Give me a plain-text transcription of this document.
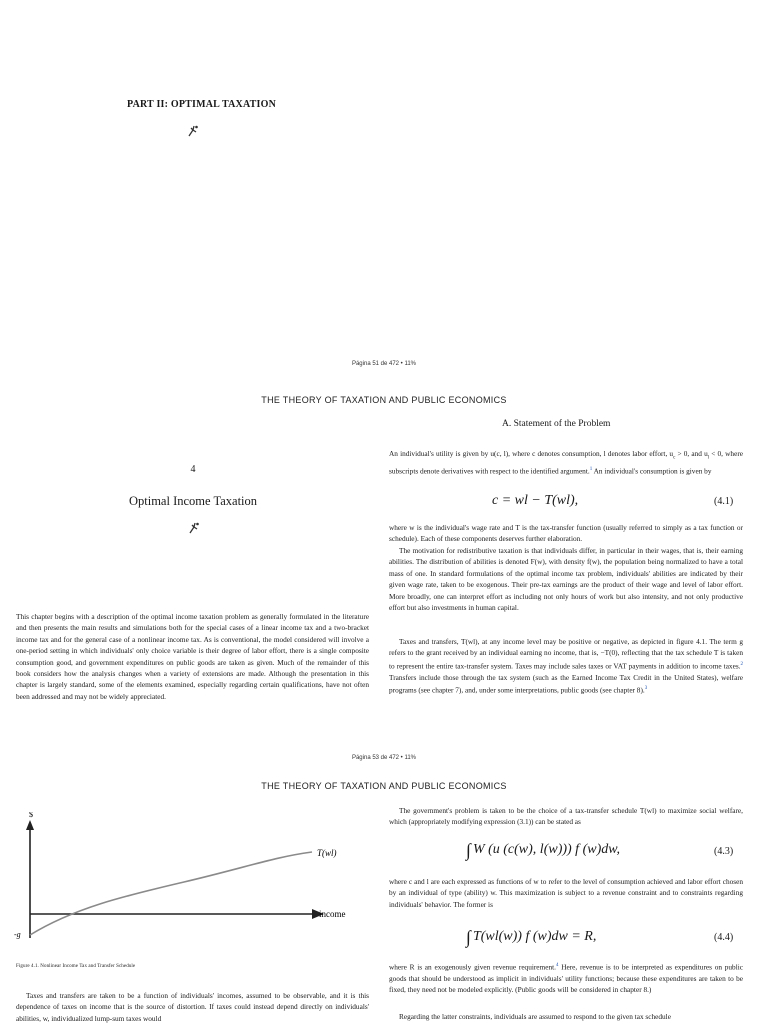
PART II: OPTIMAL TAXATION
Página 51 de 472 • 11%
THE THEORY OF TAXATION AND PUBLIC ECONOMICS
4
Optimal Income Taxation

This chapter begins with a description of the optimal income taxation problem as generally formulated in the literature and then presents the main results and simulations both for the special cases of a linear income tax and a two-bracket income tax and for the general case of a nonlinear income tax. As is conventional, the model considered will involve a one-period setting in which individuals' only choice variable is their degree of labor effort, there is a single composite consumption good, and government expenditures on public goods are taken as given. Much of the remainder of this book considers how the analysis changes when a variety of extensions are made. Although the presentation in this chapter is largely standard, some of the elements examined, especially regarding certain qualifications, have not often been addressed and may not be widely appreciated.

A. Statement of the Problem

An individual's utility is given by u(c, l), where c denotes consumption, l denotes labor effort, $u_c > 0$, and $u_l < 0$, where subscripts denote derivatives with respect to the identified argument.$^1$ An individual's consumption is given by

c = wl − T(wl),	(4.1)

where w is the individual's wage rate and T is the tax-transfer function (usually referred to simply as a tax function or schedule). Each of these components deserves further elaboration.

The motivation for redistributive taxation is that individuals differ, in particular in their wages, that is, their earning abilities. The distribution of abilities is denoted F(w), with density f(w), the population being normalized to have a total mass of one. In standard formulations of the optimal income tax problem, individuals' abilities are indicated by their given wage rate, taken to be exogenous. Their pre-tax earnings are the product of their wage and level of labor effort. More broadly, one can interpret effort as including not only hours of work but also intensity, and not only productive effort but also investments in human capital.

Taxes and transfers, T(wl), at any income level may be positive or negative, as depicted in figure 4.1. The term g refers to the grant received by an individual earning no income, that is, −T(0), reflecting that the tax schedule T is taken to represent the entire tax-transfer system. Taxes may include sales taxes or VAT payments in addition to income taxes.$^2$ Transfers include those through the tax system (such as the Earned Income Tax Credit in the United States), welfare programs (see chapter 7), and, under some interpretations, public goods (see chapter 8).$^3$

Página 53 de 472 • 11%
THE THEORY OF TAXATION AND PUBLIC ECONOMICS
$
T(wl)
income
-g
Figure 4.1. Nonlinear Income Tax and Transfer Schedule

Taxes and transfers are taken to be a function of individuals' incomes, assumed to be observable, and it is this dependence of taxes on income that is the source of distortion. If taxes could instead depend directly on individuals' abilities, w, individualized lump-sum taxes would

The government's problem is taken to be the choice of a tax-transfer schedule T(wl) to maximize social welfare, which (appropriately modifying expression (3.1)) can be stated as

∫ W (u (c(w), l(w))) f (w)dw,	(4.3)

where c and l are each expressed as functions of w to refer to the level of consumption achieved and labor effort chosen by an individual of type (ability) w. This maximization is subject to a revenue constraint and to constraints regarding individuals' behavior. The former is

∫ T(wl(w)) f (w)dw = R,	(4.4)

where R is an exogenously given revenue requirement.$^4$ Here, revenue is to be interpreted as expenditures on public goods that should be understood as implicit in individuals' utility functions; because these expenditures are taken to be fixed, they need not be modeled explicitly. (Public goods will be considered in chapter 8.)

Regarding the latter constraints, individuals are assumed to respond to the given tax schedule
